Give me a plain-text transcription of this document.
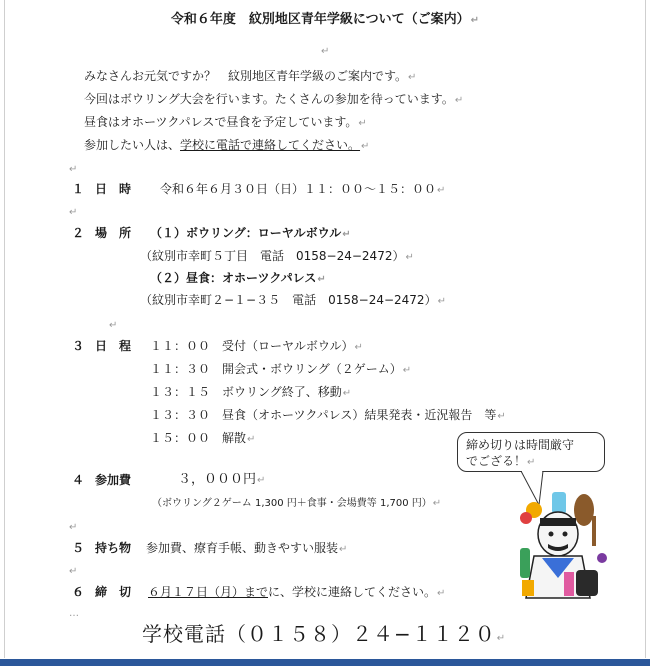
令和６年度　紋別地区青年学級について（ご案内）↵
↵
みなさんお元気ですか？　紋別地区青年学級のご案内です。↵
今回はボウリング大会を行います。たくさんの参加を待っています。↵
昼食はオホーツクパレスで昼食を予定しています。↵
参加したい人は、学校に電話で連絡してください。↵
↵
１ 日　時 令和６年６月３０日（日）１１：００〜１５：００↵
↵
２ 場　所 （１）ボウリング：ローヤルボウル↵
（紋別市幸町５丁目　電話　0158−24−2472）↵
（２）昼食：オホーツクパレス↵
（紋別市幸町２−１−３５　電話　0158−24−2472）↵
↵
３ 日　程 １１：００ 受付（ローヤルボウル）↵
１１：３０ 開会式・ボウリング（２ゲーム）↵
１３：１５ ボウリング終了、移動↵
１３：３０ 昼食（オホーツクパレス）結果発表・近況報告　等↵
１５：００ 解散↵	締め切りは時間厳守
でござる！↵
４ 参加費	３，０００円↵
（ボウリング２ゲーム 1,300 円＋食事・会場費等 1,700 円）↵
↵
５ 持ち物 参加費、療育手帳、動きやすい服装↵
↵
６ 締　切 ６月１７日（月）までに、学校に連絡してください。↵
…
学校電話（０１５８）２４−１１２０↵
